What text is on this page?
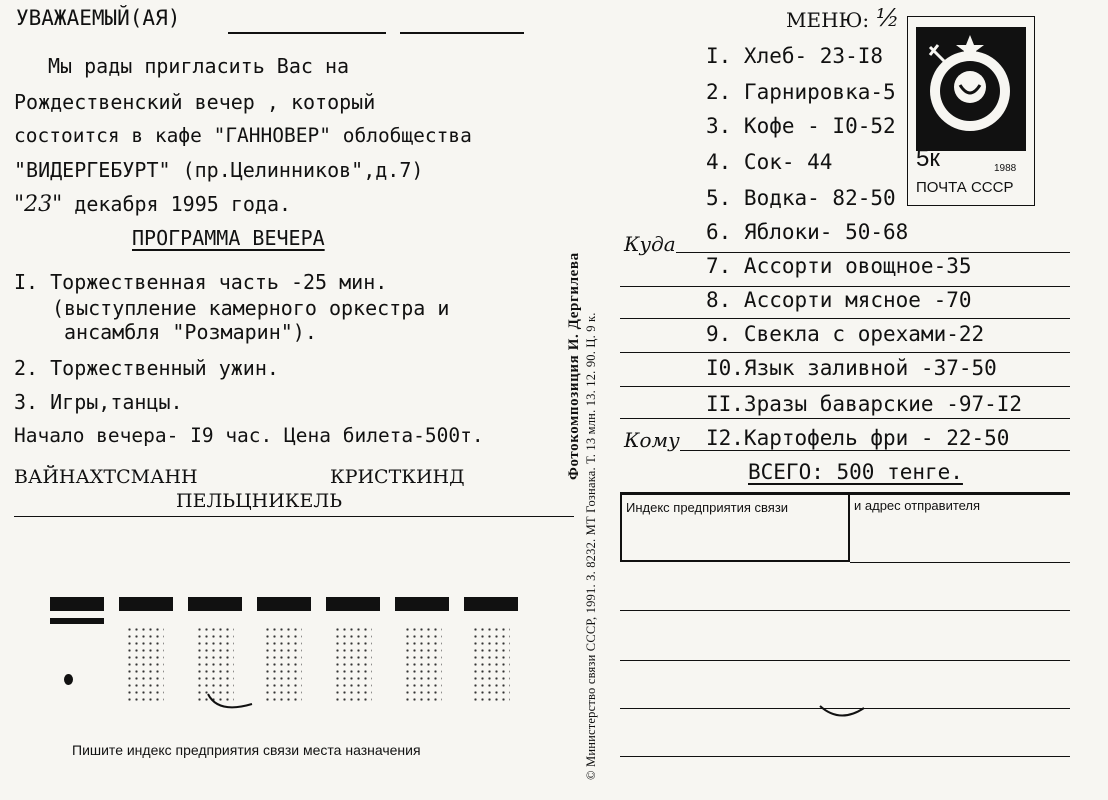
УВАЖАЕМЫЙ(АЯ)
Мы рады пригласить Вас на
Рождественский вечер , который
состоится в кафе "ГАННОВЕР" облобщества
"ВИДЕРГЕБУРТ" (пр.Целинников",д.7)
"23" декабря 1995 года.
ПРОГРАММА ВЕЧЕРА
I. Торжественная часть -25 мин.
(выступление камерного оркестра и
ансамбля "Розмарин").
2. Торжественный ужин.
3. Игры,танцы.
Начало вечера- I9 час. Цена билета-500т.
ВАЙНАХТСМАНН	КРИСТКИНД
ПЕЛЬЦНИКЕЛЬ
Пишите индекс предприятия связи места назначения	© Министерство связи СССР, 1991. З. 8232. МТ Гознака. Т. 13 млн. 13. 12. 90. Ц. 9 к.
Фотокомпозиция И. Дергилева
МЕНЮ: ½
5к	1988
ПОЧТА СССР
I. Хлеб- 23-I8
2. Гарнировка-5
3. Кофе - I0-52
4. Сок- 44
5. Водка- 82-50
6. Яблоки- 50-68
7. Ассорти овощное-35
8. Ассорти мясное -70
9. Свекла с орехами-22
I0.Язык заливной -37-50
II.Зразы баварские -97-I2
I2.Картофель фри - 22-50
ВСЕГО: 500 тенге.
Куда
Кому
Индекс предприятия связи	и адрес отправителя
